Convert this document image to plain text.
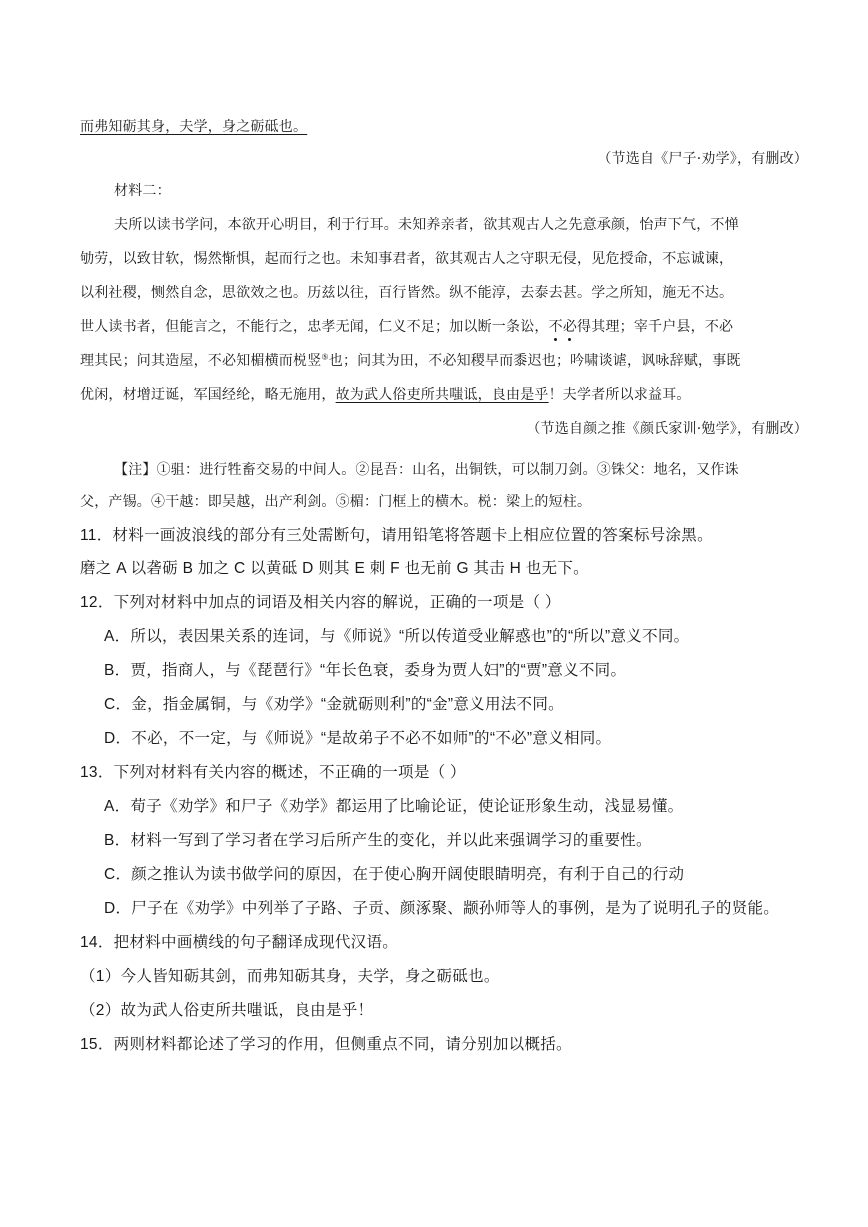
而弗知砺其身，夫学，身之砺砥也。
（节选自《尸子·劝学》，有删改）
材料二：
夫所以读书学问，本欲开心明目，利于行耳。未知养亲者，欲其观古人之先意承颜，怡声下气，不惮
劬劳，以致甘软，惕然惭惧，起而行之也。未知事君者，欲其观古人之守职无侵，见危授命，不忘诚谏，
以利社稷，恻然自念，思欲效之也。历兹以往，百行皆然。纵不能淳，去泰去甚。学之所知，施无不达。
世人读书者，但能言之，不能行之，忠孝无闻，仁义不足；加以断一条讼，不必得其理；宰千户县，不必
理其民；问其造屋，不必知楣横而棁竖⑤也；问其为田，不必知稷早而黍迟也；吟啸谈谑，讽咏辞赋，事既
优闲，材增迂诞，军国经纶，略无施用，故为武人俗吏所共嗤诋，良由是乎！夫学者所以求益耳。
（节选自颜之推《颜氏家训·勉学》，有删改）
【注】①驵：进行牲畜交易的中间人。②昆吾：山名，出铜铁，可以制刀剑。③铢父：地名，又作诛
父，产锡。④干越：即吴越，出产利剑。⑤楣：门框上的横木。棁：梁上的短柱。
11．材料一画波浪线的部分有三处需断句，请用铅笔将答题卡上相应位置的答案标号涂黑。
磨之 A 以砻砺 B 加之 C 以黄砥 D 则其 E 刺 F 也无前 G 其击 H 也无下。
12．下列对材料中加点的词语及相关内容的解说，正确的一项是（ ）
A．所以，表因果关系的连词，与《师说》“所以传道受业解惑也”的“所以”意义不同。
B．贾，指商人，与《琵琶行》“年长色衰，委身为贾人妇”的“贾”意义不同。
C．金，指金属铜，与《劝学》“金就砺则利”的“金”意义用法不同。
D．不必，不一定，与《师说》“是故弟子不必不如师”的“不必”意义相同。
13．下列对材料有关内容的概述，不正确的一项是（ ）
A．荀子《劝学》和尸子《劝学》都运用了比喻论证，使论证形象生动，浅显易懂。
B．材料一写到了学习者在学习后所产生的变化，并以此来强调学习的重要性。
C．颜之推认为读书做学问的原因，在于使心胸开阔使眼睛明亮，有利于自己的行动
D．尸子在《劝学》中列举了子路、子贡、颜涿聚、颛孙师等人的事例，是为了说明孔子的贤能。
14．把材料中画横线的句子翻译成现代汉语。
（1）今人皆知砺其剑，而弗知砺其身，夫学，身之砺砥也。
（2）故为武人俗吏所共嗤诋，良由是乎！
15．两则材料都论述了学习的作用，但侧重点不同，请分别加以概括。
